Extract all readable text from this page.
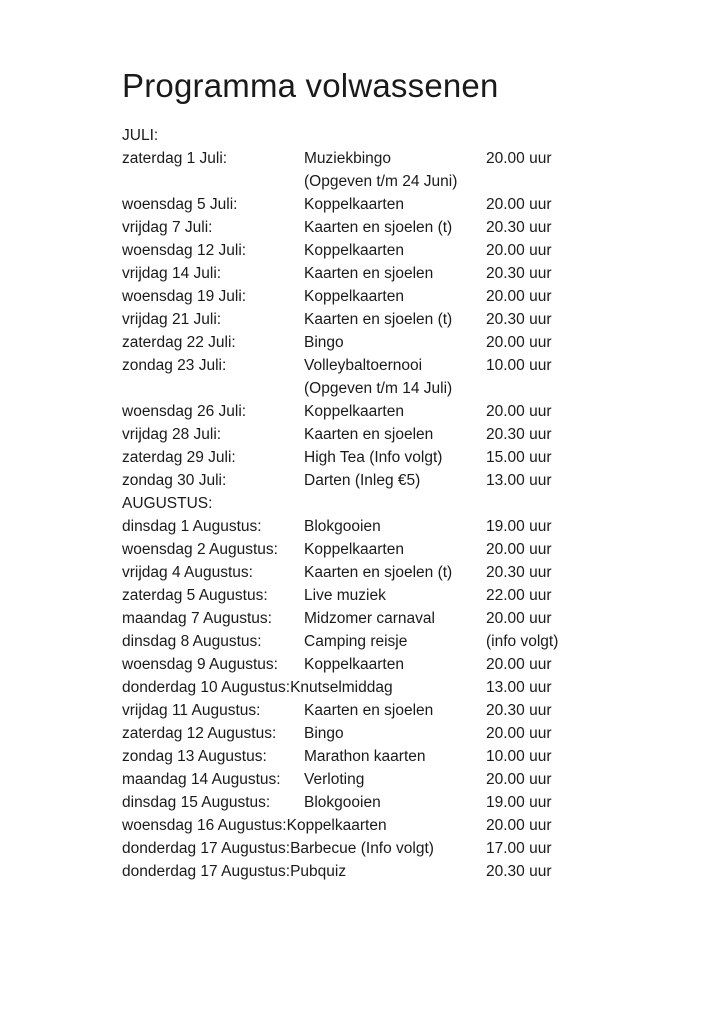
Programma volwassenen
JULI:
zaterdag 1 Juli:	Muziekbingo	20.00 uur
(Opgeven t/m 24 Juni)
woensdag 5 Juli:	Koppelkaarten	20.00 uur
vrijdag 7 Juli:	Kaarten en sjoelen (t) 20.30 uur
woensdag 12 Juli:	Koppelkaarten	20.00 uur
vrijdag 14 Juli:	Kaarten en sjoelen	20.30 uur
woensdag 19 Juli:	Koppelkaarten	20.00 uur
vrijdag 21 Juli:	Kaarten en sjoelen (t) 20.30 uur
zaterdag 22 Juli:	Bingo	20.00 uur
zondag 23 Juli:	Volleybaltoernooi	10.00 uur
(Opgeven t/m 14 Juli)
woensdag 26 Juli:	Koppelkaarten	20.00 uur
vrijdag 28 Juli:	Kaarten en sjoelen	20.30 uur
zaterdag 29 Juli:	High Tea (Info volgt)	15.00 uur
zondag 30 Juli:	Darten (Inleg €5)	13.00 uur
AUGUSTUS:
dinsdag 1 Augustus:	Blokgooien	19.00 uur
woensdag 2 Augustus: Koppelkaarten	20.00 uur
vrijdag 4 Augustus:	Kaarten en sjoelen (t) 20.30 uur
zaterdag 5 Augustus: Live muziek	22.00 uur
maandag 7 Augustus: Midzomer carnaval	20.00 uur
dinsdag 8 Augustus:	Camping reisje	(info volgt)
woensdag 9 Augustus: Koppelkaarten	20.00 uur
donderdag 10 Augustus: Knutselmiddag	13.00 uur
vrijdag 11 Augustus:	Kaarten en sjoelen	20.30 uur
zaterdag 12 Augustus: Bingo	20.00 uur
zondag 13 Augustus: Marathon kaarten	10.00 uur
maandag 14 Augustus: Verloting	20.00 uur
dinsdag 15 Augustus: Blokgooien	19.00 uur
woensdag 16 Augustus: Koppelkaarten	20.00 uur
donderdag 17 Augustus: Barbecue (Info volgt)	17.00 uur
donderdag 17 Augustus: Pubquiz	20.30 uur
